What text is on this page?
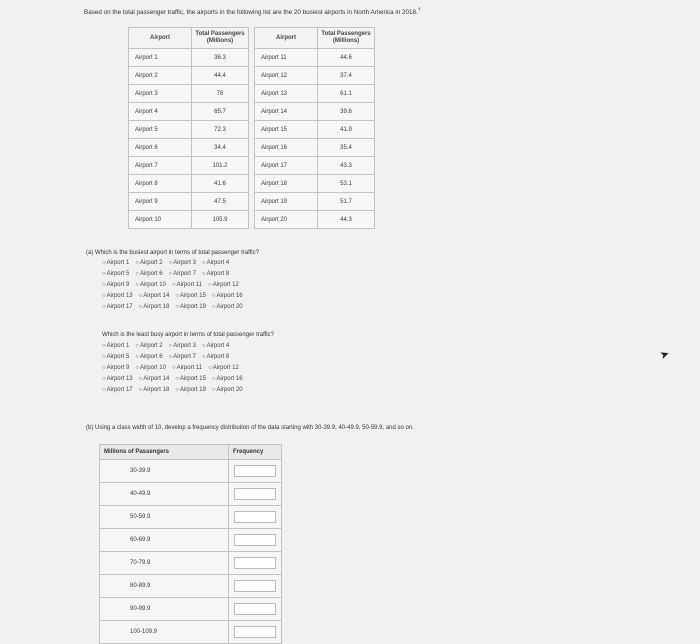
Based on the total passenger traffic, the airports in the following list are the 20 busiest airports in North America in 2018.†
Airport	Total Passengers
(Millions)

Airport 1	36.3
Airport 2	44.4
Airport 3	78
Airport 4	65.7
Airport 5	72.3
Airport 6	34.4
Airport 7	101.2
Airport 8	41.6
Airport 9	47.5
Airport 10	105.9
Airport	Total Passengers
(Millions)

Airport 11	44.6
Airport 12	37.4
Airport 13	61.1
Airport 14	39.6
Airport 15	41.9
Airport 16	35.4
Airport 17	43.3
Airport 18	53.1
Airport 19	51.7
Airport 20	44.3
(a) Which is the busiest airport in terms of total passenger traffic?
○ Airport 1 ○ Airport 2 ○ Airport 3 ○ Airport 4
○ Airport 5 ○ Airport 6 ○ Airport 7 ○ Airport 8
○ Airport 9 ○ Airport 10 ○ Airport 11 ○ Airport 12
○ Airport 13 ○ Airport 14 ○ Airport 15 ○ Airport 16
○ Airport 17 ○ Airport 18 ○ Airport 19 ○ Airport 20
Which is the least busy airport in terms of total passenger traffic?
○ Airport 1 ○ Airport 2 ○ Airport 3 ○ Airport 4
○ Airport 5 ○ Airport 6 ○ Airport 7 ○ Airport 8
○ Airport 9 ○ Airport 10 ○ Airport 11 ○ Airport 12
○ Airport 13 ○ Airport 14 ○ Airport 15 ○ Airport 16
○ Airport 17 ○ Airport 18 ○ Airport 19 ○ Airport 20
(b) Using a class width of 10, develop a frequency distribution of the data starting with 30-39.9, 40-49.9, 50-59.9, and so on.
Millions of Passengers	Frequency
30-39.9	
40-49.9	
50-59.9	
60-69.9	
70-79.9	
80-89.9	
90-99.9	
100-109.9	
➤
